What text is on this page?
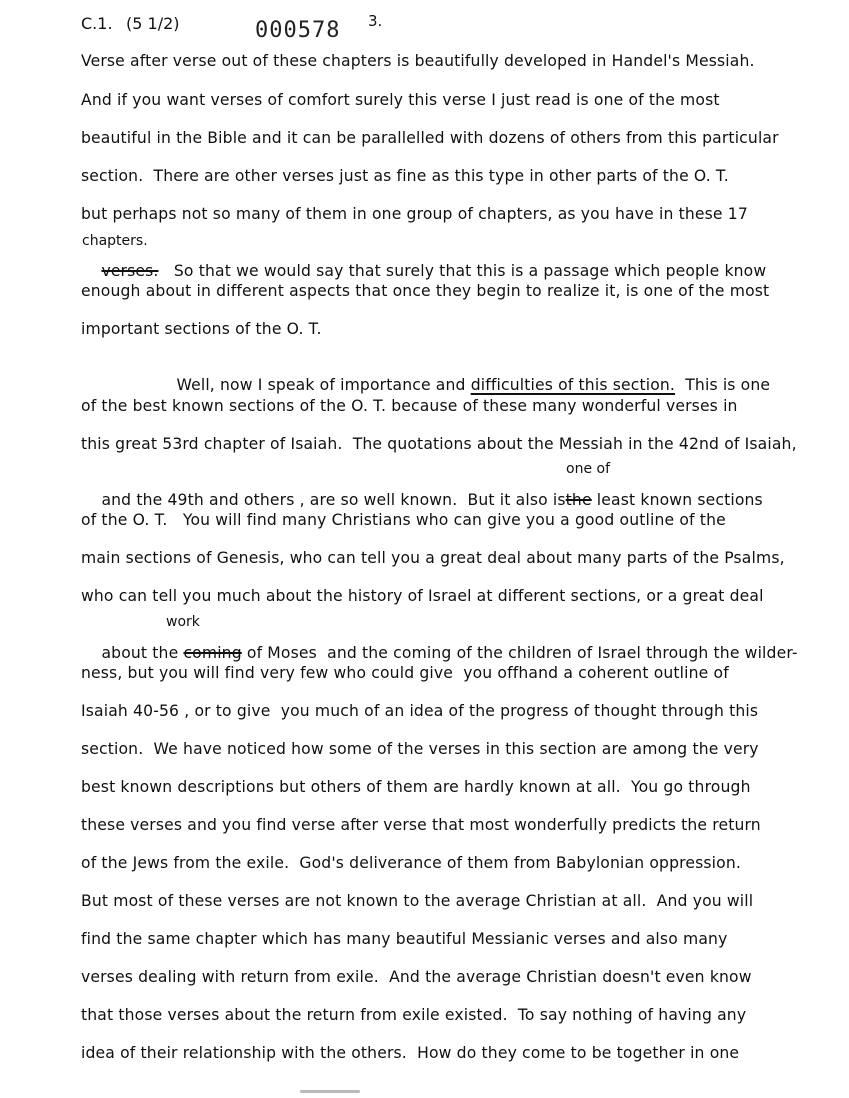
C.1. (5 1/2)	000578 3.
Verse after verse out of these chapters is beautifully developed in Handel's Messiah.
And if you want verses of comfort surely this verse I just read is one of the most
beautiful in the Bible and it can be parallelled with dozens of others from this particular
section.  There are other verses just as fine as this type in other parts of the O. T.
but perhaps not so many of them in one group of chapters, as you have in these 17
chapters.

verses. So that we would say that surely that this is a passage which people know

enough about in different aspects that once they begin to realize it, is one of the most
important sections of the O. T.

Well, now I speak of importance and difficulties of this section. This is one

of the best known sections of the O. T. because of these many wonderful verses in
this great 53rd chapter of Isaiah.  The quotations about the Messiah in the 42nd of Isaiah,
one of

and the 49th and others , are so well known.  But it also isthe least known sections

of the O. T.   You will find many Christians who can give you a good outline of the
main sections of Genesis, who can tell you a great deal about many parts of the Psalms,
who can tell you much about the history of Israel at different sections, or a great deal
work

about the coming of Moses  and the coming of the children of Israel through the wilder-

ness, but you will find very few who could give  you offhand a coherent outline of
Isaiah 40-56 , or to give  you much of an idea of the progress of thought through this
section.  We have noticed how some of the verses in this section are among the very
best known descriptions but others of them are hardly known at all.  You go through
these verses and you find verse after verse that most wonderfully predicts the return
of the Jews from the exile.  God's deliverance of them from Babylonian oppression.
But most of these verses are not known to the average Christian at all.  And you will
find the same chapter which has many beautiful Messianic verses and also many
verses dealing with return from exile.  And the average Christian doesn't even know
that those verses about the return from exile existed.  To say nothing of having any
idea of their relationship with the others.  How do they come to be together in one
